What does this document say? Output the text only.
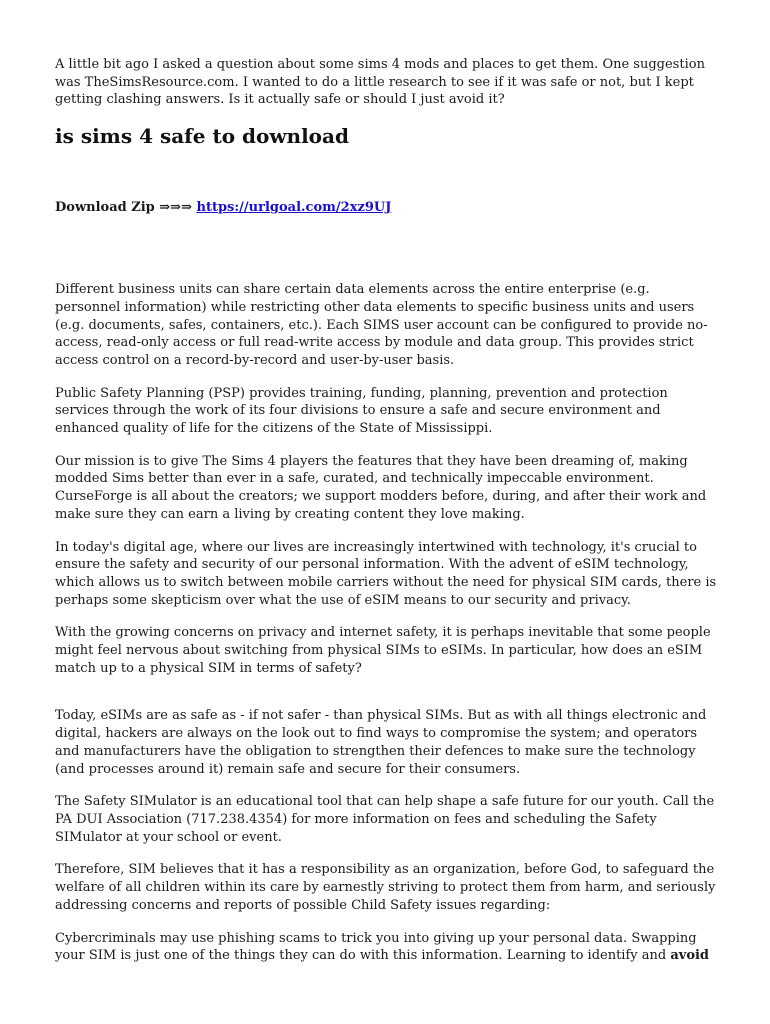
A little bit ago I asked a question about some sims 4 mods and places to get them. One suggestion was TheSimsResource.com. I wanted to do a little research to see if it was safe or not, but I kept getting clashing answers. Is it actually safe or should I just avoid it?

is sims 4 safe to download
Download Zip ⇒⇒⇒ https://urlgoal.com/2xz9UJ

Different business units can share certain data elements across the entire enterprise (e.g. personnel information) while restricting other data elements to specific business units and users (e.g. documents, safes, containers, etc.). Each SIMS user account can be configured to provide no-access, read-only access or full read-write access by module and data group. This provides strict access control on a record-by-record and user-by-user basis.

Public Safety Planning (PSP) provides training, funding, planning, prevention and protection services through the work of its four divisions to ensure a safe and secure environment and enhanced quality of life for the citizens of the State of Mississippi.

Our mission is to give The Sims 4 players the features that they have been dreaming of, making modded Sims better than ever in a safe, curated, and technically impeccable environment. CurseForge is all about the creators; we support modders before, during, and after their work and make sure they can earn a living by creating content they love making.

In today's digital age, where our lives are increasingly intertwined with technology, it's crucial to ensure the safety and security of our personal information. With the advent of eSIM technology, which allows us to switch between mobile carriers without the need for physical SIM cards, there is perhaps some skepticism over what the use of eSIM means to our security and privacy.

With the growing concerns on privacy and internet safety, it is perhaps inevitable that some people might feel nervous about switching from physical SIMs to eSIMs. In particular, how does an eSIM match up to a physical SIM in terms of safety?

Today, eSIMs are as safe as - if not safer - than physical SIMs. But as with all things electronic and digital, hackers are always on the look out to find ways to compromise the system; and operators and manufacturers have the obligation to strengthen their defences to make sure the technology (and processes around it) remain safe and secure for their consumers.

The Safety SIMulator is an educational tool that can help shape a safe future for our youth. Call the PA DUI Association (717.238.4354) for more information on fees and scheduling the Safety SIMulator at your school or event.

Therefore, SIM believes that it has a responsibility as an organization, before God, to safeguard the welfare of all children within its care by earnestly striving to protect them from harm, and seriously addressing concerns and reports of possible Child Safety issues regarding:

Cybercriminals may use phishing scams to trick you into giving up your personal data. Swapping your SIM is just one of the things they can do with this information. Learning to identify and avoid
